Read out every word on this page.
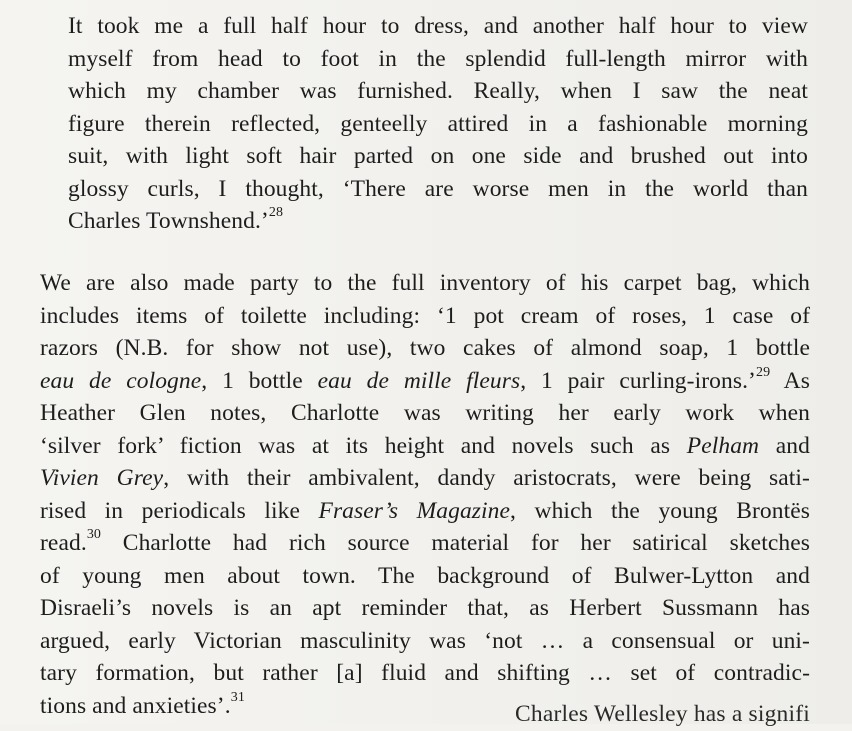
It took me a full half hour to dress, and another half hour to view
myself from head to foot in the splendid full-length mirror with
which my chamber was furnished. Really, when I saw the neat
figure therein reflected, genteelly attired in a fashionable morning
suit, with light soft hair parted on one side and brushed out into
glossy curls, I thought, ‘There are worse men in the world than
Charles Townshend.’$^{28}$
We are also made party to the full inventory of his carpet bag, which
includes items of toilette including: ‘1 pot cream of roses, 1 case of
razors (N.B. for show not use), two cakes of almond soap, 1 bottle
eau de cologne, 1 bottle eau de mille fleurs, 1 pair curling-irons.’$^{29}$ As
Heather Glen notes, Charlotte was writing her early work when
‘silver fork’ fiction was at its height and novels such as Pelham and
Vivien Grey, with their ambivalent, dandy aristocrats, were being sati-
rised in periodicals like Fraser’s Magazine, which the young Brontës
read.$^{30}$ Charlotte had rich source material for her satirical sketches
of young men about town. The background of Bulwer-Lytton and
Disraeli’s novels is an apt reminder that, as Herbert Sussmann has
argued, early Victorian masculinity was ‘not … a consensual or uni-
tary formation, but rather [a] fluid and shifting … set of contradic-
tions and anxieties’.$^{31}$
Charles Wellesley has a signifi
